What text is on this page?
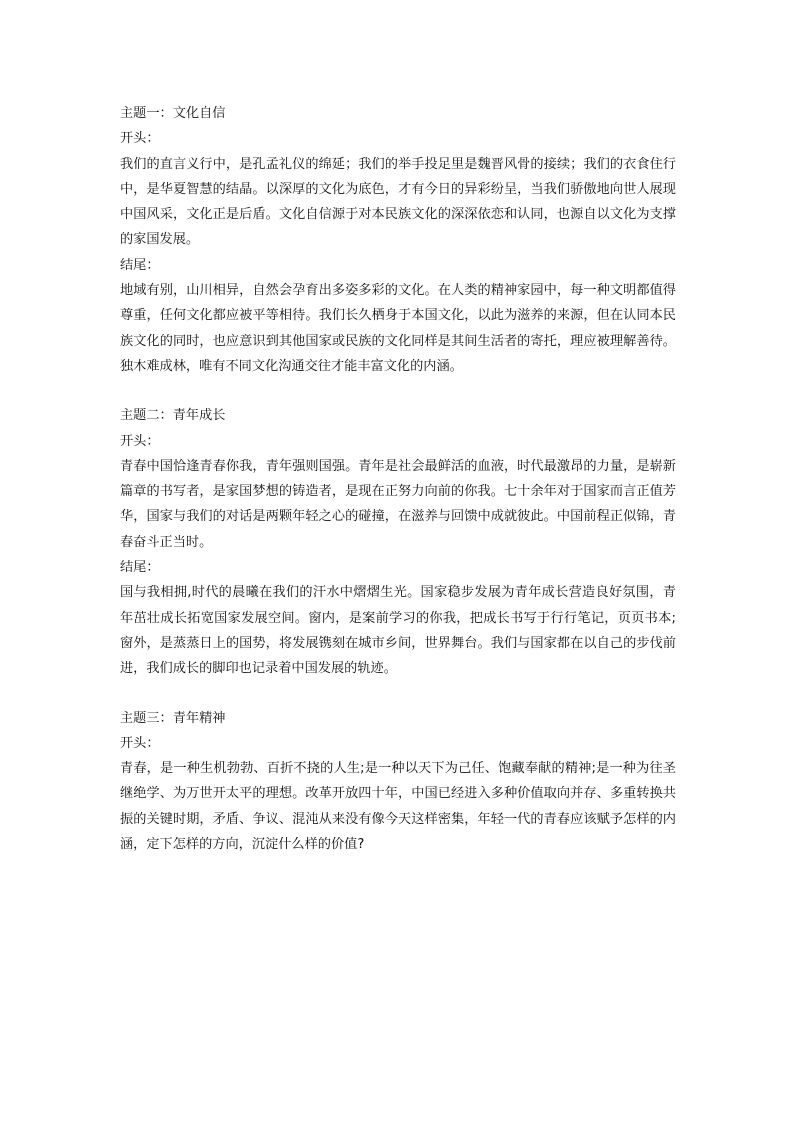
主题一：文化自信

开头：

我们的直言义行中，是孔孟礼仪的绵延；我们的举手投足里是魏晋风骨的接续；我们的衣食住行中，是华夏智慧的结晶。以深厚的文化为底色，才有今日的异彩纷呈，当我们骄傲地向世人展现中国风采，文化正是后盾。文化自信源于对本民族文化的深深依恋和认同，也源自以文化为支撑的家国发展。

结尾：

地域有别，山川相异，自然会孕育出多姿多彩的文化。在人类的精神家园中，每一种文明都值得尊重，任何文化都应被平等相待。我们长久栖身于本国文化，以此为滋养的来源，但在认同本民族文化的同时，也应意识到其他国家或民族的文化同样是其间生活者的寄托，理应被理解善待。独木难成林，唯有不同文化沟通交往才能丰富文化的内涵。

主题二：青年成长

开头：

青春中国恰逢青春你我，青年强则国强。青年是社会最鲜活的血液，时代最激昂的力量，是崭新篇章的书写者，是家国梦想的铸造者，是现在正努力向前的你我。七十余年对于国家而言正值芳华，国家与我们的对话是两颗年轻之心的碰撞，在滋养与回馈中成就彼此。中国前程正似锦，青春奋斗正当时。

结尾：

国与我相拥,时代的晨曦在我们的汗水中熠熠生光。国家稳步发展为青年成长营造良好氛围，青年茁壮成长拓宽国家发展空间。窗内，是案前学习的你我，把成长书写于行行笔记，页页书本;窗外，是蒸蒸日上的国势，将发展镌刻在城市乡间，世界舞台。我们与国家都在以自己的步伐前进，我们成长的脚印也记录着中国发展的轨迹。

主题三：青年精神

开头：

青春，是一种生机勃勃、百折不挠的人生;是一种以天下为己任、饱藏奉献的精神;是一种为往圣继绝学、为万世开太平的理想。改革开放四十年，中国已经进入多种价值取向并存、多重转换共振的关键时期，矛盾、争议、混沌从来没有像今天这样密集，年轻一代的青春应该赋予怎样的内涵，定下怎样的方向，沉淀什么样的价值?
